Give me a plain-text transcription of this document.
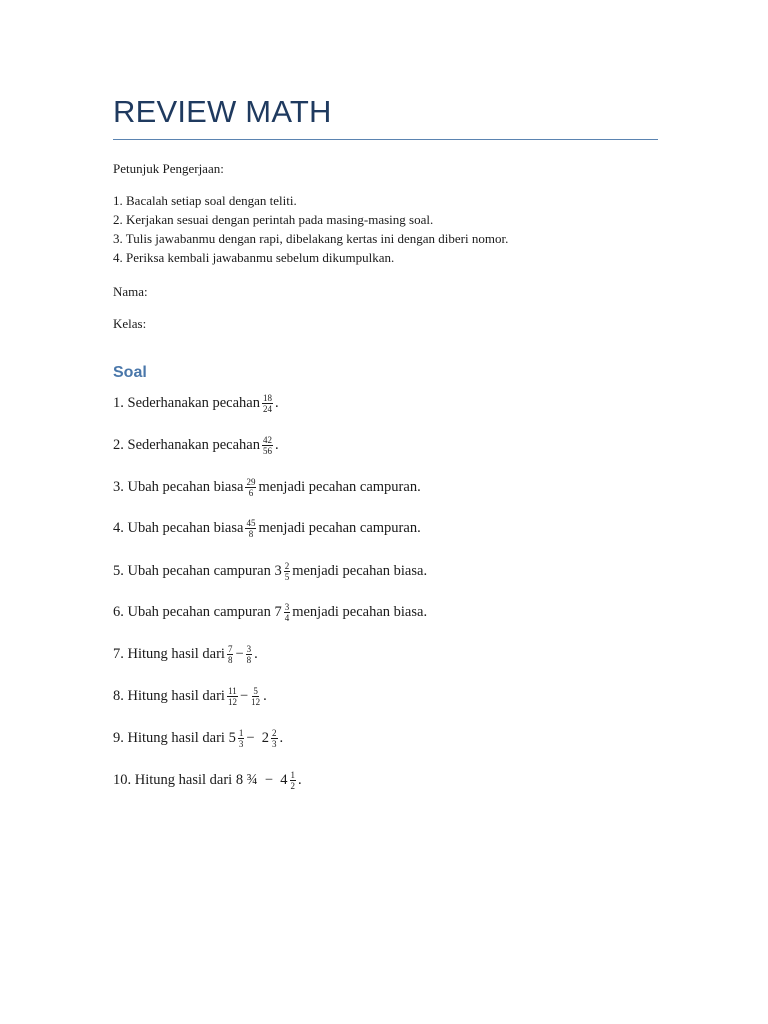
REVIEW MATH
Petunjuk Pengerjaan:
1. Bacalah setiap soal dengan teliti.
2. Kerjakan sesuai dengan perintah pada masing-masing soal.
3. Tulis jawabanmu dengan rapi, dibelakang kertas ini dengan diberi nomor.
4. Periksa kembali jawabanmu sebelum dikumpulkan.
Nama:
Kelas:
Soal
1. Sederhanakan pecahan $\frac{18}{24}$ .
2. Sederhanakan pecahan $\frac{42}{56}$ .
3. Ubah pecahan biasa $\frac{29}{6}$ menjadi pecahan campuran.
4. Ubah pecahan biasa $\frac{45}{8}$ menjadi pecahan campuran.
5. Ubah pecahan campuran $3 \frac{2}{5}$ menjadi pecahan biasa.
6. Ubah pecahan campuran $7 \frac{3}{4}$ menjadi pecahan biasa.
7. Hitung hasil dari $\frac{7}{8} - \frac{3}{8}$ .
8. Hitung hasil dari $\frac{11}{12} - \frac{5}{12}$ .
9. Hitung hasil dari $5 \frac{1}{3} - 2 \frac{2}{3}$ .
10. Hitung hasil dari 8 ¾  −  $4 \frac{1}{2}$ .
